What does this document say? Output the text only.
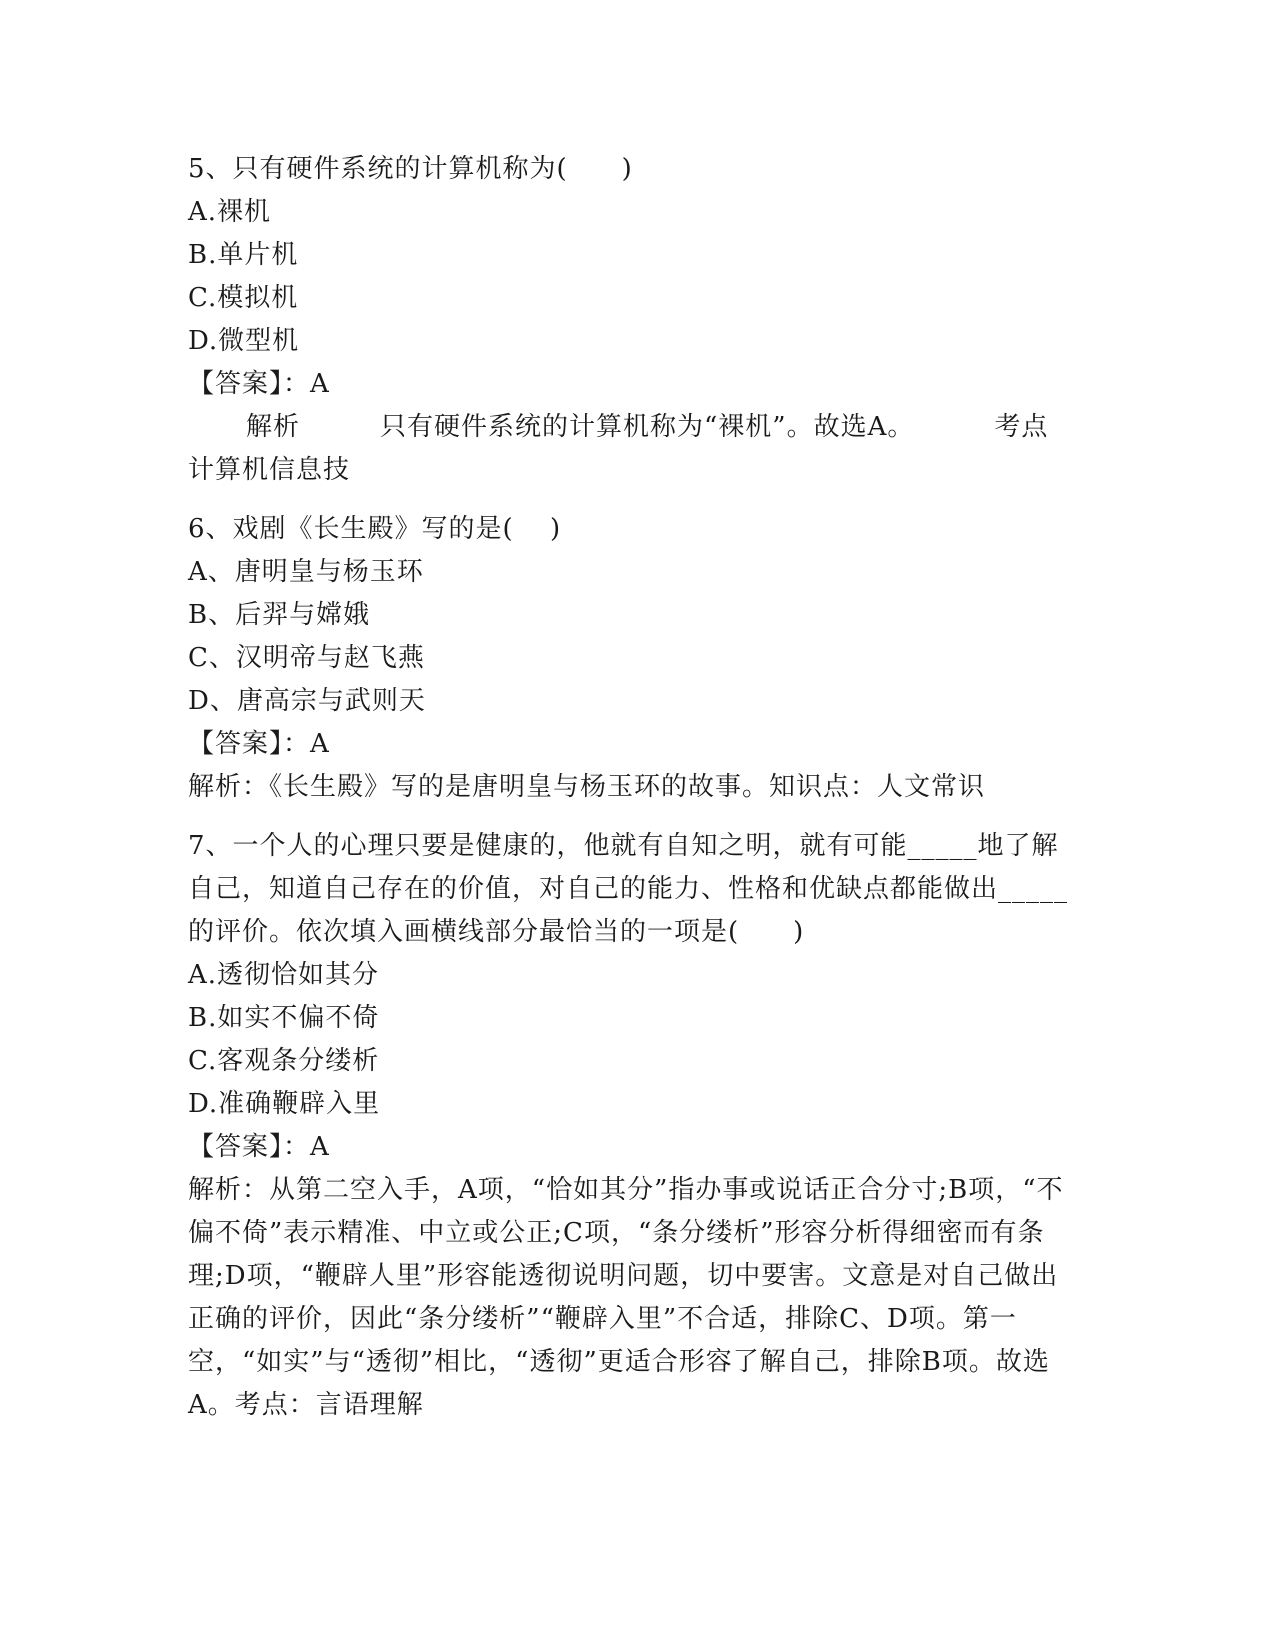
5、只有硬件系统的计算机称为(　　)
A.裸机
B.单片机
C.模拟机
D.微型机
【答案】：A
解析	只有硬件系统的计算机称为“裸机”。故选A。	考点
计算机信息技
6、戏剧《长生殿》写的是(　 )
A、唐明皇与杨玉环
B、后羿与嫦娥
C、汉明帝与赵飞燕
D、唐高宗与武则天
【答案】：A
解析：《长生殿》写的是唐明皇与杨玉环的故事。知识点：人文常识
7、一个人的心理只要是健康的，他就有自知之明，就有可能_____地了解自己，知道自己存在的价值，对自己的能力、性格和优缺点都能做出_____的评价。依次填入画横线部分最恰当的一项是(　　)
A.透彻恰如其分
B.如实不偏不倚
C.客观条分缕析
D.准确鞭辟入里
【答案】：A
解析：从第二空入手，A项，“恰如其分”指办事或说话正合分寸;B项，“不偏不倚”表示精准、中立或公正;C项，“条分缕析”形容分析得细密而有条理;D项，“鞭辟人里”形容能透彻说明问题，切中要害。文意是对自己做出正确的评价，因此“条分缕析”“鞭辟入里”不合适，排除C、D项。第一空，“如实”与“透彻”相比，“透彻”更适合形容了解自己，排除B项。故选A。考点：言语理解
